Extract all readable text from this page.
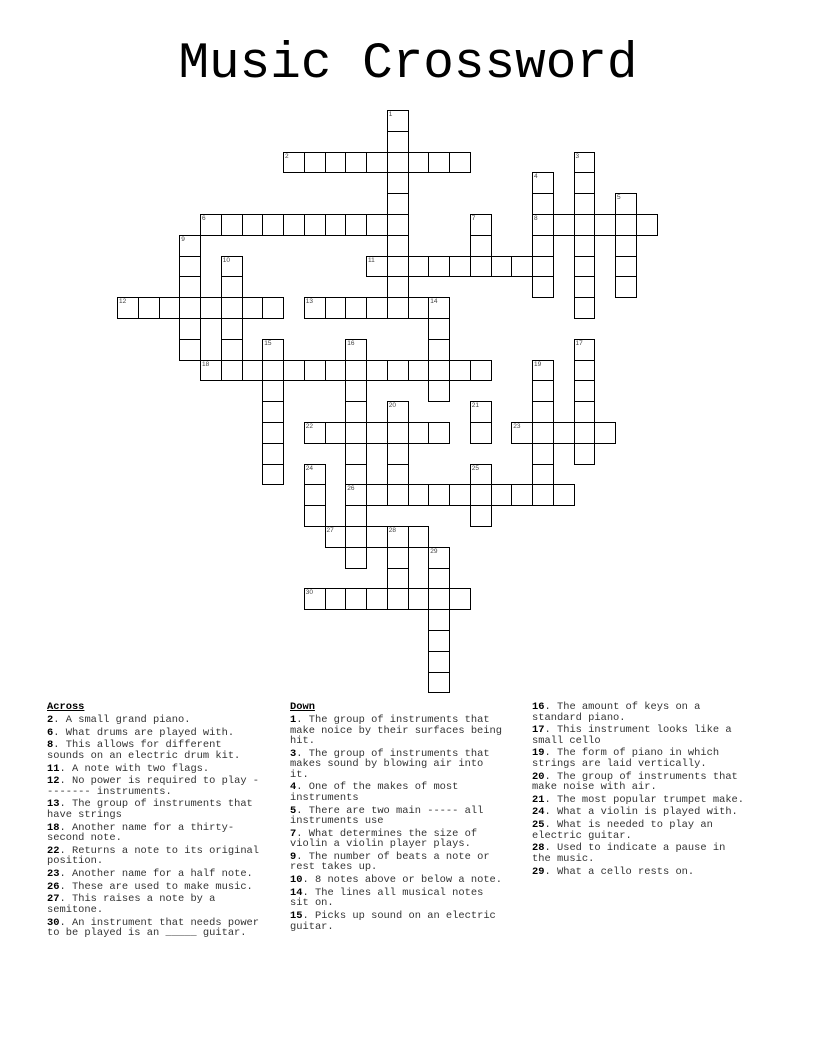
Music Crossword
1
2	3
4
8
5
6	7
9
10	11
12	13	14
15	16
26
17
18	19
20	21
22	23
24	25
27	28
29
30
Across
2. A small grand piano.
6. What drums are played with.
8. This allows for different sounds on an electric drum kit.
11. A note with two flags.
12. No power is required to play -------- instruments.
13. The group of instruments that have strings
18. Another name for a thirty-second note.
22. Returns a note to its original position.
23. Another name for a half note.
26. These are used to make music.
27. This raises a note by a semitone.
30. An instrument that needs power to be played is an _____ guitar.
Down
1. The group of instruments that make noice by their surfaces being hit.
3. The group of instruments that makes sound by blowing air into it.
4. One of the makes of most instruments
5. There are two main ----- all instruments use
7. What determines the size of violin a violin player plays.
9. The number of beats a note or rest takes up.
10. 8 notes above or below a note.
14. The lines all musical notes sit on.
15. Picks up sound on an electric guitar.
16. The amount of keys on a standard piano.
17. This instrument looks like a small cello
19. The form of piano in which strings are laid vertically.
20. The group of instruments that make noise with air.
21. The most popular trumpet make.
24. What a violin is played with.
25. What is needed to play an electric guitar.
28. Used to indicate a pause in the music.
29. What a cello rests on.
